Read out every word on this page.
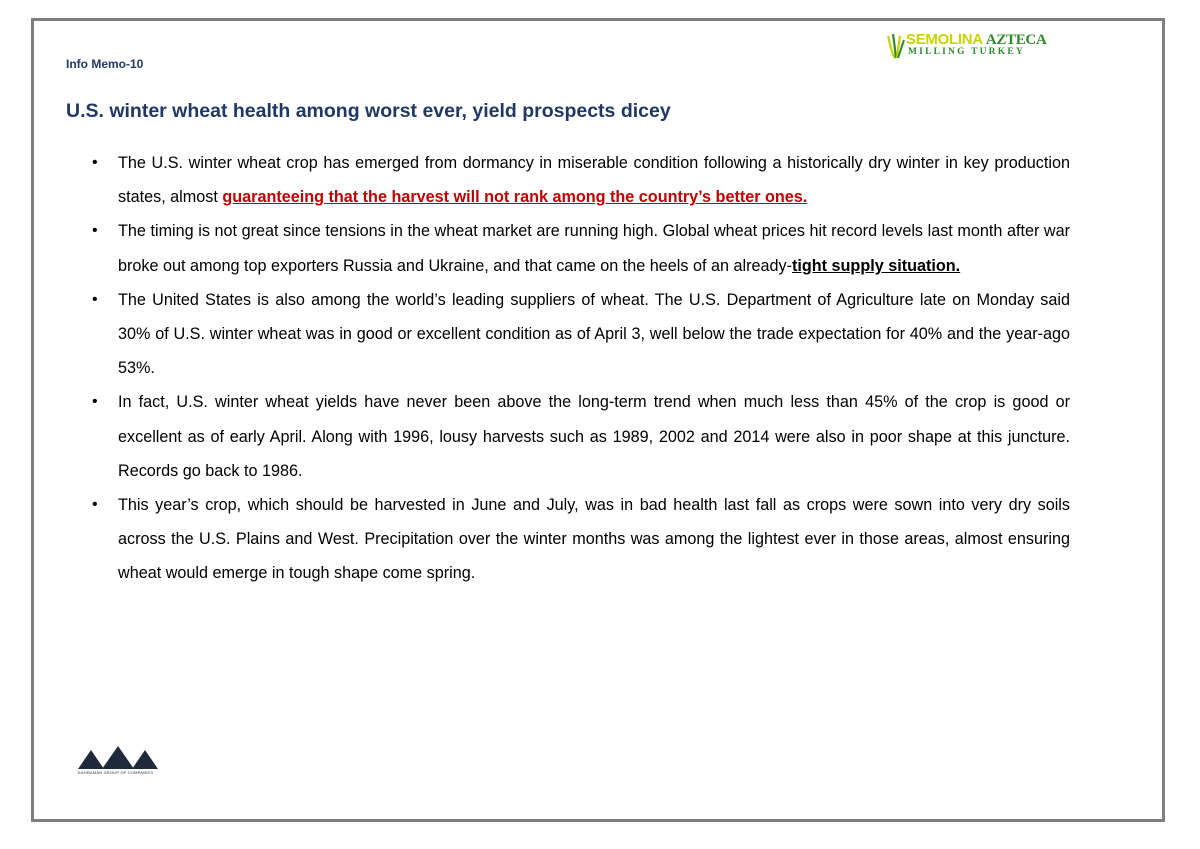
Info Memo-10
SEMOLINA AZTECA
MILLING TURKEY
U.S. winter wheat health among worst ever, yield prospects dicey
• The U.S. winter wheat crop has emerged from dormancy in miserable condition following a historically dry winter in key production states, almost guaranteeing that the harvest will not rank among the country’s better ones.
• The timing is not great since tensions in the wheat market are running high. Global wheat prices hit record levels last month after war broke out among top exporters Russia and Ukraine, and that came on the heels of an already-tight supply situation.
• The United States is also among the world’s leading suppliers of wheat. The U.S. Department of Agriculture late on Monday said 30% of U.S. winter wheat was in good or excellent condition as of April 3, well below the trade expectation for 40% and the year-ago 53%.
• In fact, U.S. winter wheat yields have never been above the long-term trend when much less than 45% of the crop is good or excellent as of early April. Along with 1996, lousy harvests such as 1989, 2002 and 2014 were also in poor shape at this juncture. Records go back to 1986.
• This year’s crop, which should be harvested in June and July, was in bad health last fall as crops were sown into very dry soils across the U.S. Plains and West. Precipitation over the winter months was among the lightest ever in those areas, almost ensuring wheat would emerge in tough shape come spring.
KAHRAMAN GROUP OF COMPANIES
